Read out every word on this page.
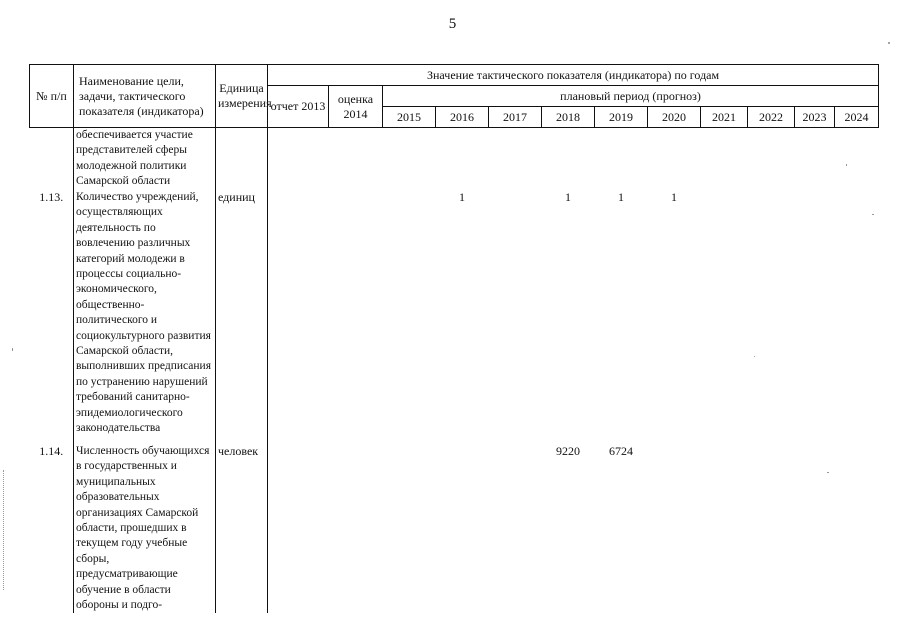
5
№ п/п	Наименование цели, задачи, тактического показателя (индикатора)	Единица измерения	Значение тактического показателя (индикатора) по годам											
			отчет 2013	оценка 2014	плановый период (прогноз)									
					2015	2016	2017	2018	2019	2020	2021	2022	2023	2024
	обеспечивается участие представителей сферы молодежной политики Самарской области													
1.13.	Количество учреждений, осуществляющих деятельность по вовлечению различных категорий молодежи в процессы социально-экономического, общественно-политического и социокультурного развития Самарской области, выполнивших предписания по устранению нарушений требований санитарно-эпидемиологического законодательства	единиц				1		1	1	1				
1.14.	Численность обучающихся в государственных и муниципальных образовательных организациях Самарской области, прошедших в текущем году учебные сборы, предусматривающие обучение в области обороны и подго-	человек						9220	6724					
